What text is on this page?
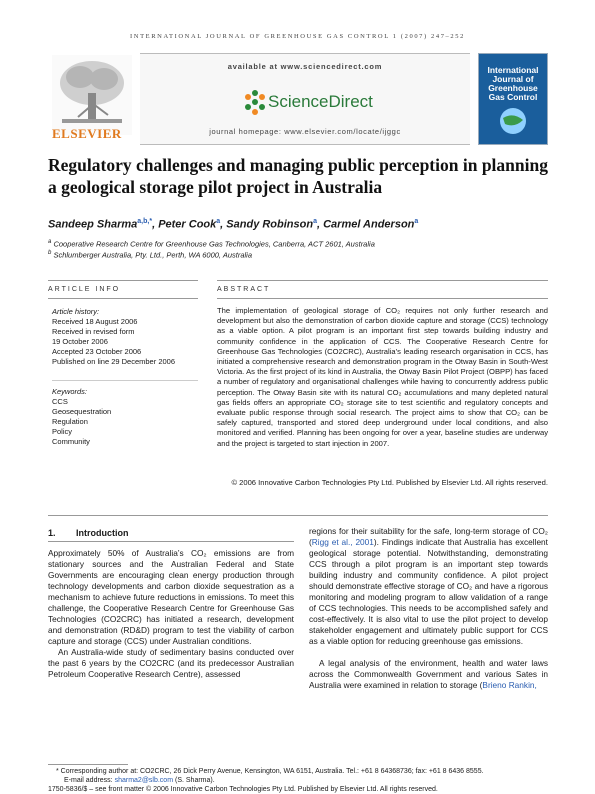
INTERNATIONAL JOURNAL OF GREENHOUSE GAS CONTROL 1 (2007) 247–252
ELSEVIER
available at www.sciencedirect.com
ScienceDirect
journal homepage: www.elsevier.com/locate/ijggc
International Journal of Greenhouse Gas Control
Regulatory challenges and managing public perception in planning a geological storage pilot project in Australia
Sandeep Sharma$^{a,b,*}$, Peter Cook$^a$, Sandy Robinson$^a$, Carmel Anderson$^a$
$^a$ Cooperative Research Centre for Greenhouse Gas Technologies, Canberra, ACT 2601, Australia
$^b$ Schlumberger Australia, Pty. Ltd., Perth, WA 6000, Australia
ARTICLE INFO	ABSTRACT
Article history:
Received 18 August 2006
Received in revised form
19 October 2006
Accepted 23 October 2006
Published on line 29 December 2006
Keywords:
CCS
Geosequestration
Regulation
Policy
Community
The implementation of geological storage of CO₂ requires not only further research and development but also the demonstration of carbon dioxide capture and storage (CCS) technology as a viable option. A pilot program is an important first step towards building industry and community confidence in the application of CCS. The Cooperative Research Centre for Greenhouse Gas Technologies (CO2CRC), Australia’s leading research organisation in CCS, has initiated a comprehensive research and demonstration program in the Otway Basin in South-West Victoria. As the first project of its kind in Australia, the Otway Basin Pilot Project (OBPP) has faced a number of regulatory and organisational challenges while having to concurrently address public perception. The Otway Basin site with its natural CO₂ accumulations and many depleted natural gas fields offers an appropriate CO₂ storage site to test scientific and regulatory concepts and evaluate public response through social research. The project aims to show that CO₂ can be safely captured, transported and stored deep underground under local conditions, and also monitored and verified. Planning has been ongoing for over a year, baseline studies are underway and the project is targeted to start injection in 2007.
© 2006 Innovative Carbon Technologies Pty Ltd. Published by Elsevier Ltd. All rights reserved.
1. Introduction

Approximately 50% of Australia’s CO₂ emissions are from stationary sources and the Australian Federal and State Governments are encouraging clean energy production through technology developments and carbon dioxide sequestration as a mechanism to achieve future reductions in emissions. To meet this challenge, the Cooperative Research Centre for Greenhouse Gas Technologies (CO2CRC) has initiated a research, development and demonstration (RD&D) program to test the viability of carbon capture and storage (CCS) under Australian conditions.

An Australia-wide study of sedimentary basins conducted over the past 6 years by the CO2CRC (and its predecessor Australian Petroleum Cooperative Research Centre), assessed

regions for their suitability for the safe, long-term storage of CO₂ (Rigg et al., 2001). Findings indicate that Australia has excellent geological storage potential. Notwithstanding, demonstrating CCS through a pilot program is an important step towards building industry and community confidence. A pilot project should demonstrate effective storage of CO₂ and have a rigorous monitoring and modeling program to allow validation of a range of CCS technologies. This needs to be accomplished safely and cost-effectively. It is also vital to use the pilot project to develop stakeholder engagement and ultimately public support for CCS as a viable option for reducing greenhouse gas emissions.

A legal analysis of the environment, health and water laws across the Commonwealth Government and various Sates in Australia were examined in relation to storage (Brieno Rankin,

* Corresponding author at: CO2CRC, 26 Dick Perry Avenue, Kensington, WA 6151, Australia. Tel.: +61 8 64368736; fax: +61 8 6436 8555.
E-mail address: sharma2@slb.com (S. Sharma).
1750-5836/$ – see front matter © 2006 Innovative Carbon Technologies Pty Ltd. Published by Elsevier Ltd. All rights reserved.
